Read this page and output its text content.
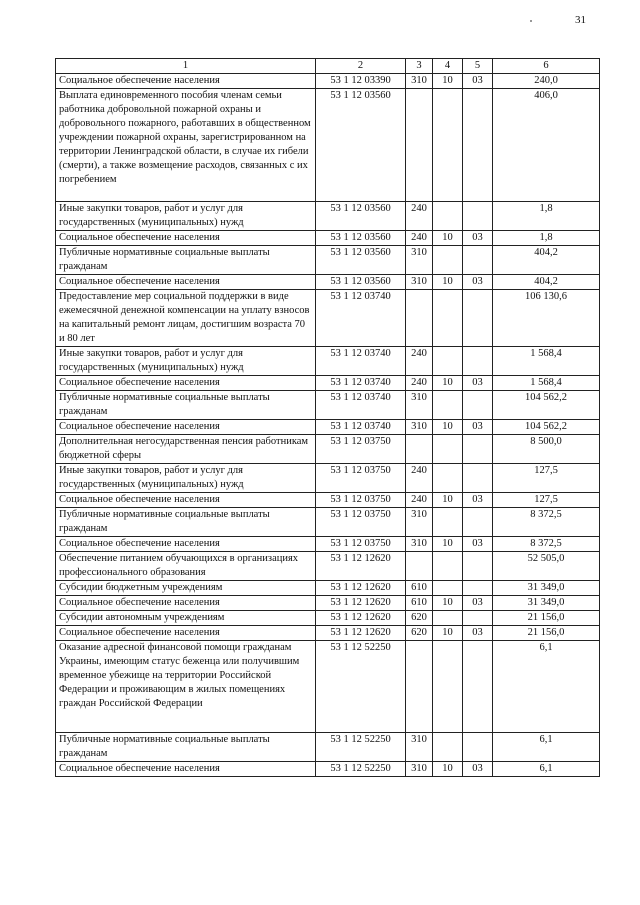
31
1	2	3	4	5	6
Социальное обеспечение населения	53 1 12 03390	310	10	03	240,0
Выплата единовременного пособия членам семьи работника добровольной пожарной охраны и добровольного пожарного, работавших в общественном учреждении пожарной охраны, зарегистрированном на территории Ленинградской области, в случае их гибели (смерти), а также возмещение расходов, связанных с их погребением	53 1 12 03560				406,0
Иные закупки товаров, работ и услуг для государственных (муниципальных) нужд	53 1 12 03560	240			1,8
Социальное обеспечение населения	53 1 12 03560	240	10	03	1,8
Публичные нормативные социальные выплаты гражданам	53 1 12 03560	310			404,2
Социальное обеспечение населения	53 1 12 03560	310	10	03	404,2
Предоставление мер социальной поддержки в виде ежемесячной денежной компенсации на уплату взносов на капитальный ремонт лицам, достигшим возраста 70 и 80 лет	53 1 12 03740				106 130,6
Иные закупки товаров, работ и услуг для государственных (муниципальных) нужд	53 1 12 03740	240			1 568,4
Социальное обеспечение населения	53 1 12 03740	240	10	03	1 568,4
Публичные нормативные социальные выплаты гражданам	53 1 12 03740	310			104 562,2
Социальное обеспечение населения	53 1 12 03740	310	10	03	104 562,2
Дополнительная негосударственная пенсия работникам бюджетной сферы	53 1 12 03750				8 500,0
Иные закупки товаров, работ и услуг для государственных (муниципальных) нужд	53 1 12 03750	240			127,5
Социальное обеспечение населения	53 1 12 03750	240	10	03	127,5
Публичные нормативные социальные выплаты гражданам	53 1 12 03750	310			8 372,5
Социальное обеспечение населения	53 1 12 03750	310	10	03	8 372,5
Обеспечение питанием обучающихся в организациях профессионального образования	53 1 12 12620				52 505,0
Субсидии бюджетным учреждениям	53 1 12 12620	610			31 349,0
Социальное обеспечение населения	53 1 12 12620	610	10	03	31 349,0
Субсидии автономным учреждениям	53 1 12 12620	620			21 156,0
Социальное обеспечение населения	53 1 12 12620	620	10	03	21 156,0
Оказание адресной финансовой помощи гражданам Украины, имеющим статус беженца или получившим временное убежище на территории Российской Федерации и проживающим в жилых помещениях граждан Российской Федерации	53 1 12 52250				6,1
Публичные нормативные социальные выплаты гражданам	53 1 12 52250	310			6,1
Социальное обеспечение населения	53 1 12 52250	310	10	03	6,1
